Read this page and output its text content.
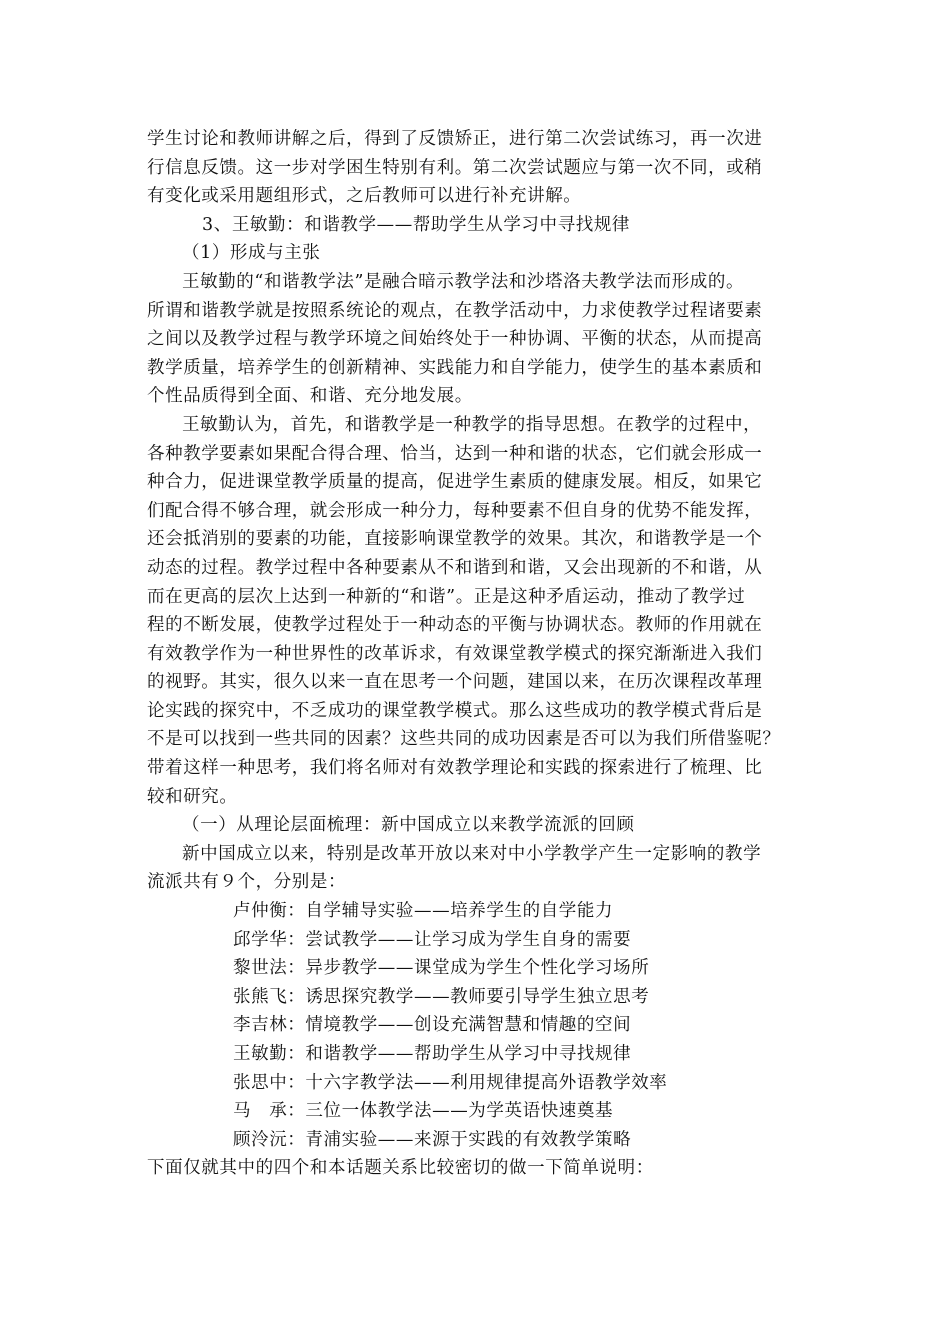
学生讨论和教师讲解之后，得到了反馈矫正，进行第二次尝试练习，再一次进
行信息反馈。这一步对学困生特别有利。第二次尝试题应与第一次不同，或稍
有变化或采用题组形式，之后教师可以进行补充讲解。
3、王敏勤：和谐教学——帮助学生从学习中寻找规律
（1）形成与主张
王敏勤的“和谐教学法”是融合暗示教学法和沙塔洛夫教学法而形成的。
所谓和谐教学就是按照系统论的观点，在教学活动中，力求使教学过程诸要素
之间以及教学过程与教学环境之间始终处于一种协调、平衡的状态，从而提高
教学质量，培养学生的创新精神、实践能力和自学能力，使学生的基本素质和
个性品质得到全面、和谐、充分地发展。
王敏勤认为，首先，和谐教学是一种教学的指导思想。在教学的过程中，
各种教学要素如果配合得合理、恰当，达到一种和谐的状态，它们就会形成一
种合力，促进课堂教学质量的提高，促进学生素质的健康发展。相反，如果它
们配合得不够合理，就会形成一种分力，每种要素不但自身的优势不能发挥，
还会抵消别的要素的功能，直接影响课堂教学的效果。其次，和谐教学是一个
动态的过程。教学过程中各种要素从不和谐到和谐，又会出现新的不和谐，从
而在更高的层次上达到一种新的“和谐”。正是这种矛盾运动，推动了教学过
程的不断发展，使教学过程处于一种动态的平衡与协调状态。教师的作用就在
有效教学作为一种世界性的改革诉求，有效课堂教学模式的探究渐渐进入我们
的视野。其实，很久以来一直在思考一个问题，建国以来，在历次课程改革理
论实践的探究中，不乏成功的课堂教学模式。那么这些成功的教学模式背后是
不是可以找到一些共同的因素？这些共同的成功因素是否可以为我们所借鉴呢？
带着这样一种思考，我们将名师对有效教学理论和实践的探索进行了梳理、比
较和研究。
（一）从理论层面梳理：新中国成立以来教学流派的回顾
新中国成立以来，特别是改革开放以来对中小学教学产生一定影响的教学
流派共有９个，分别是：
卢仲衡：自学辅导实验——培养学生的自学能力
邱学华：尝试教学——让学习成为学生自身的需要
黎世法：异步教学——课堂成为学生个性化学习场所
张熊飞：诱思探究教学——教师要引导学生独立思考
李吉林：情境教学——创设充满智慧和情趣的空间
王敏勤：和谐教学——帮助学生从学习中寻找规律
张思中：十六字教学法——利用规律提高外语教学效率
马　承：三位一体教学法——为学英语快速奠基
顾泠沅：青浦实验——来源于实践的有效教学策略
下面仅就其中的四个和本话题关系比较密切的做一下简单说明：
